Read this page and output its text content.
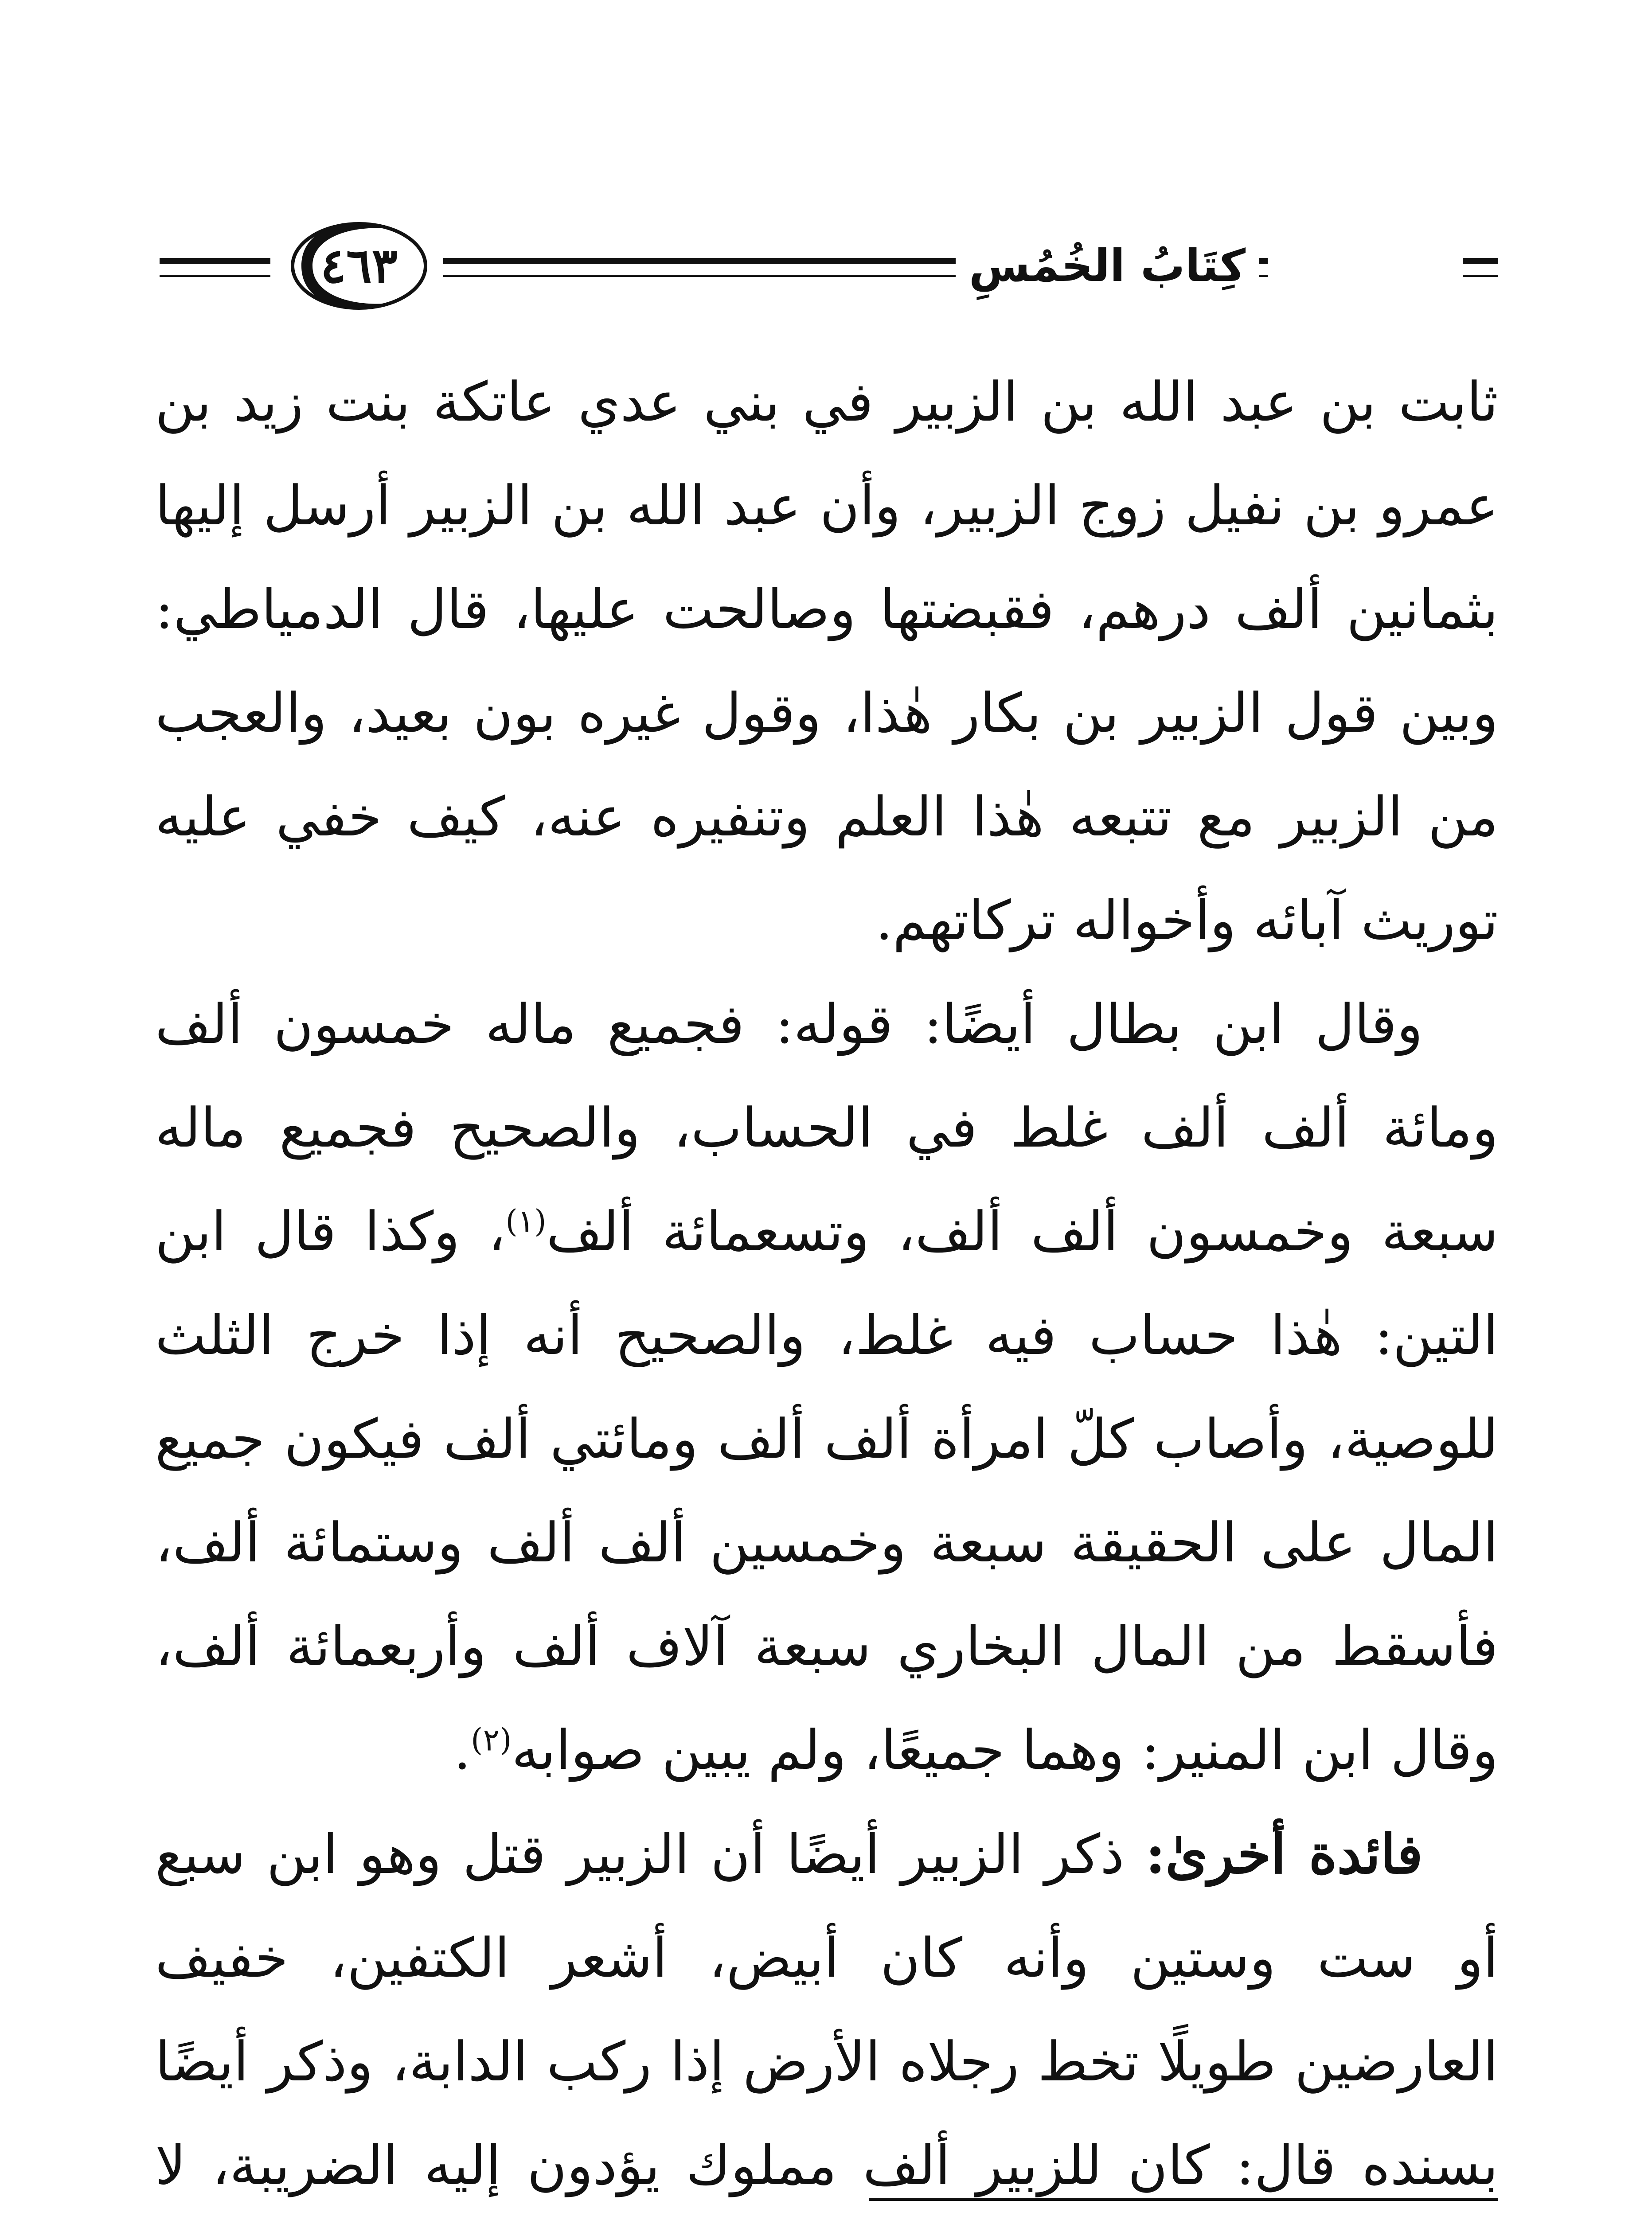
كِتَابُ الخُمُسِ
٤٦٣

ثابت بن عبد الله بن الزبير في بني عدي عاتكة بنت زيد بن عمرو بن نفيل زوج الزبير، وأن عبد الله بن الزبير أرسل إليها بثمانين ألف درهم، فقبضتها وصالحت عليها، قال الدمياطي: وبين قول الزبير بن بكار هٰذا، وقول غيره بون بعيد، والعجب من الزبير مع تتبعه هٰذا العلم وتنفيره عنه، كيف خفي عليه توريث آبائه وأخواله تركاتهم.

وقال ابن بطال أيضًا: قوله: فجميع ماله خمسون ألف ومائة ألف ألف غلط في الحساب، والصحيح فجميع ماله سبعة وخمسون ألف ألف، وتسعمائة ألف$^{(١)}$، وكذا قال ابن التين: هٰذا حساب فيه غلط، والصحيح أنه إذا خرج الثلث للوصية، وأصاب كلّ امرأة ألف ألف ومائتي ألف فيكون جميع المال على الحقيقة سبعة وخمسين ألف ألف وستمائة ألف، فأسقط من المال البخاري سبعة آلاف ألف وأربعمائة ألف، وقال ابن المنير: وهما جميعًا، ولم يبين صوابه$^{(٢)}$.

فائدة أخرىٰ: ذكر الزبير أيضًا أن الزبير قتل وهو ابن سبع أو ست وستين وأنه كان أبيض، أشعر الكتفين، خفيف العارضين طويلًا تخط رجلاه الأرض إذا ركب الدابة، وذكر أيضًا بسنده قال: كان للزبير ألف مملوك يؤدون إليه الضريبة، لا
